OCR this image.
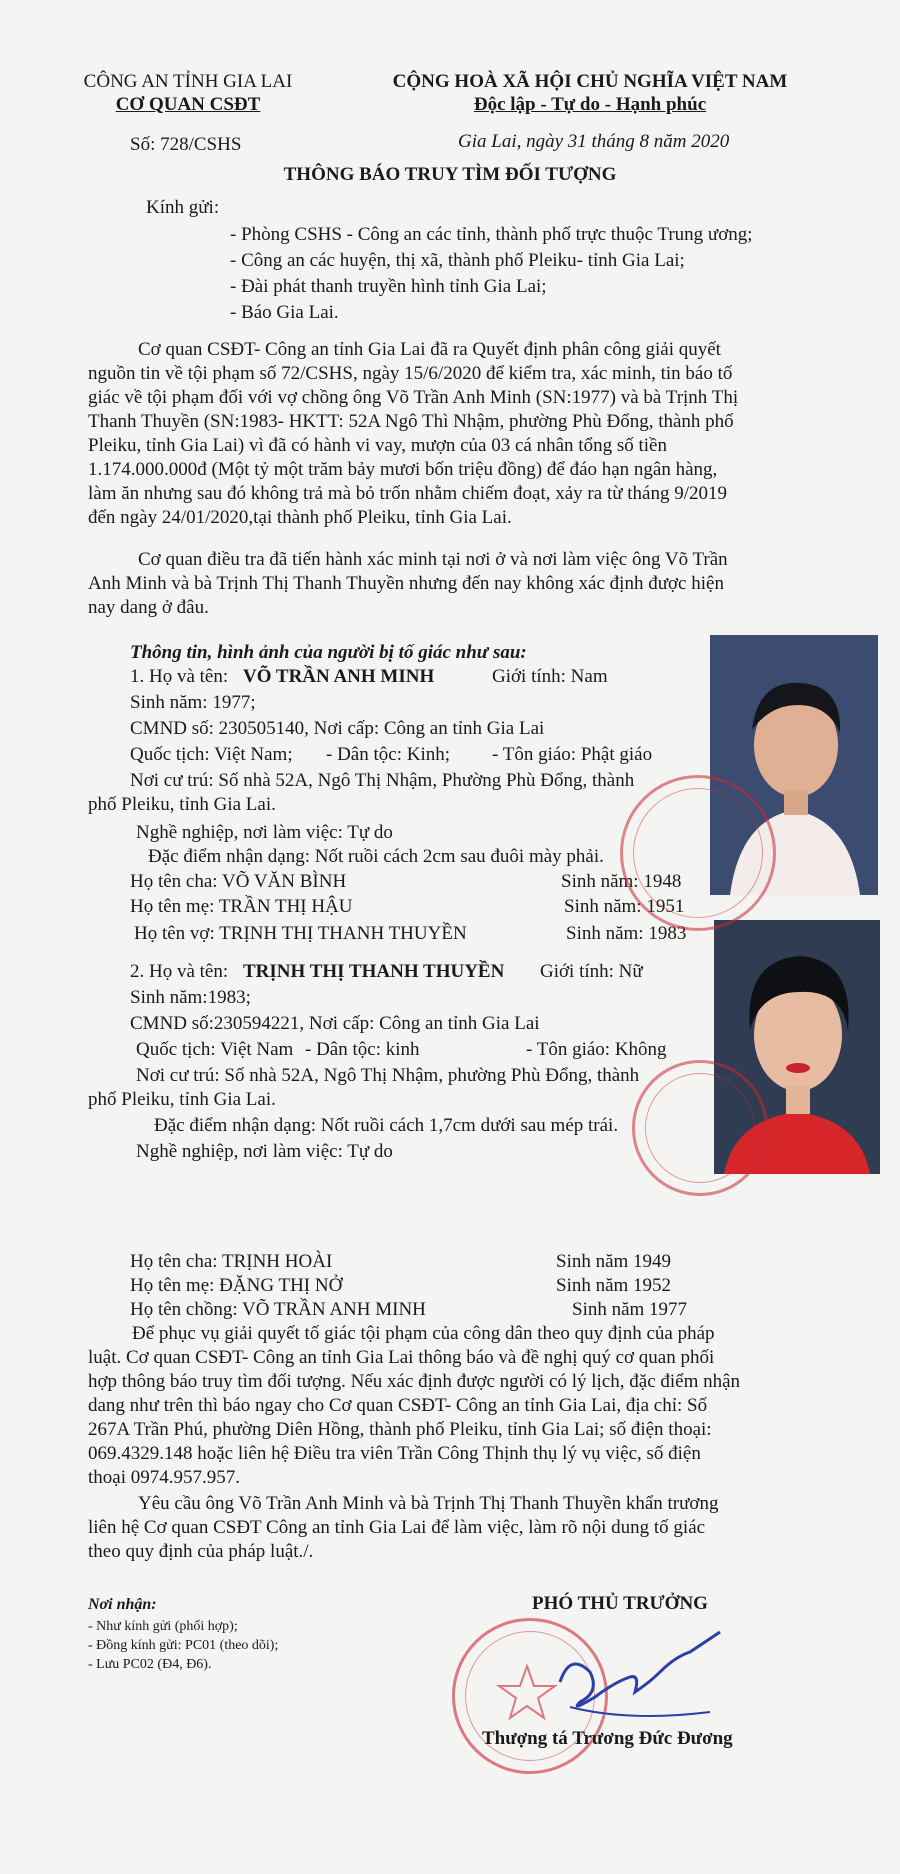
CÔNG AN TỈNH GIA LAI
CƠ QUAN CSĐT
CỘNG HOÀ XÃ HỘI CHỦ NGHĨA VIỆT NAM
Độc lập - Tự do - Hạnh phúc
Số: 728/CSHS	Gia Lai, ngày 31 tháng 8 năm 2020
THÔNG BÁO TRUY TÌM ĐỐI TƯỢNG
Kính gửi:
- Phòng CSHS - Công an các tỉnh, thành phố trực thuộc Trung ương;
- Công an các huyện, thị xã, thành phố Pleiku- tỉnh Gia Lai;
- Đài phát thanh truyền hình tỉnh Gia Lai;
- Báo Gia Lai.
Cơ quan CSĐT- Công an tỉnh Gia Lai đã ra Quyết định phân công giải quyết
nguồn tin về tội phạm số 72/CSHS, ngày 15/6/2020 để kiểm tra, xác minh, tin báo tố
giác về tội phạm đối với vợ chồng ông Võ Trần Anh Minh (SN:1977) và bà Trịnh Thị
Thanh Thuyền (SN:1983- HKTT: 52A Ngô Thì Nhậm, phường Phù Đổng, thành phố
Pleiku, tỉnh Gia Lai) vì đã có hành vi vay, mượn của 03 cá nhân tổng số tiền
1.174.000.000đ (Một tỷ một trăm bảy mươi bốn triệu đồng) để đáo hạn ngân hàng,
làm ăn nhưng sau đó không trả mà bỏ trốn nhằm chiếm đoạt, xảy ra từ tháng 9/2019
đến ngày 24/01/2020,tại thành phố Pleiku, tỉnh Gia Lai.
Cơ quan điều tra đã tiến hành xác minh tại nơi ở và nơi làm việc ông Võ Trần
Anh Minh và bà Trịnh Thị Thanh Thuyền nhưng đến nay không xác định được hiện
nay dang ở đâu.
Thông tin, hình ảnh của người bị tố giác như sau:
1. Họ và tên: VÕ TRẦN ANH MINH	Giới tính: Nam
Sinh năm: 1977;
CMND số: 230505140, Nơi cấp: Công an tỉnh Gia Lai
Quốc tịch: Việt Nam; - Dân tộc: Kinh; - Tôn giáo: Phật giáo
Nơi cư trú: Số nhà 52A, Ngô Thị Nhậm, Phường Phù Đổng, thành
phố Pleiku, tỉnh Gia Lai.
Nghề nghiệp, nơi làm việc: Tự do
Đặc điểm nhận dạng: Nốt ruồi cách 2cm sau đuôi mày phải.
Họ tên cha: VÕ VĂN BÌNH	Sinh năm: 1948
Họ tên mẹ: TRẦN THỊ HẬU	Sinh năm: 1951
Họ tên vợ: TRỊNH THỊ THANH THUYỀN	Sinh năm: 1983
2. Họ và tên: TRỊNH THỊ THANH THUYỀN Giới tính: Nữ
Sinh năm:1983;
CMND số:230594221, Nơi cấp: Công an tỉnh Gia Lai
Quốc tịch: Việt Nam - Dân tộc: kinh	- Tôn giáo: Không
Nơi cư trú: Số nhà 52A, Ngô Thị Nhậm, phường Phù Đổng, thành
phố Pleiku, tỉnh Gia Lai.
Đặc điểm nhận dạng: Nốt ruồi cách 1,7cm dưới sau mép trái.
Nghề nghiệp, nơi làm việc: Tự do
Họ tên cha: TRỊNH HOÀI	Sinh năm 1949
Họ tên mẹ: ĐẶNG THỊ NỞ	Sinh năm 1952
Họ tên chồng: VÕ TRẦN ANH MINH	Sinh năm 1977
Để phục vụ giải quyết tố giác tội phạm của công dân theo quy định của pháp
luật. Cơ quan CSĐT- Công an tỉnh Gia Lai thông báo và đề nghị quý cơ quan phối
hợp thông báo truy tìm đối tượng. Nếu xác định được người có lý lịch, đặc điểm nhận
dang như trên thì báo ngay cho Cơ quan CSĐT- Công an tỉnh Gia Lai, địa chỉ: Số
267A Trần Phú, phường Diên Hồng, thành phố Pleiku, tỉnh Gia Lai; số điện thoại:
069.4329.148 hoặc liên hệ Điều tra viên Trần Công Thịnh thụ lý vụ việc, số điện
thoại 0974.957.957.
Yêu cầu ông Võ Trần Anh Minh và bà Trịnh Thị Thanh Thuyền khẩn trương
liên hệ Cơ quan CSĐT Công an tỉnh Gia Lai để làm việc, làm rõ nội dung tố giác
theo quy định của pháp luật./.
Nơi nhận:
- Như kính gửi (phối hợp);
- Đồng kính gửi: PC01 (theo dõi);
- Lưu PC02 (Đ4, Đ6).
PHÓ THỦ TRƯỞNG
Thượng tá Trương Đức Đương
